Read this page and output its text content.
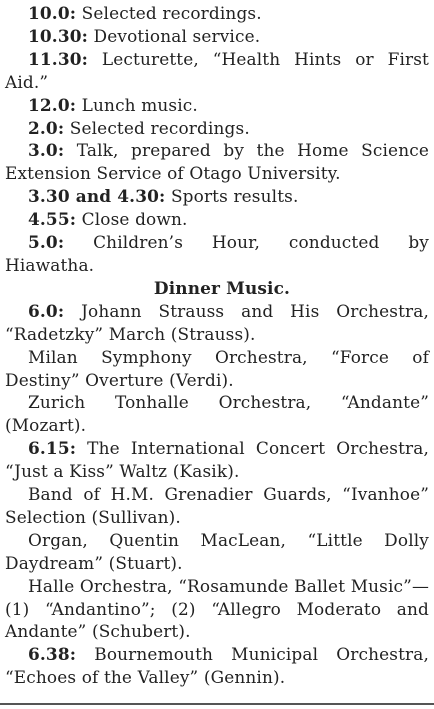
10.0: Selected recordings.

10.30: Devotional service.

11.30: Lecturette, “Health Hints or First Aid.”

12.0: Lunch music.

2.0: Selected recordings.

3.0: Talk, prepared by the Home Science Extension Service of Otago University.

3.30 and 4.30: Sports results.

4.55: Close down.

5.0: Children’s Hour, conducted by Hiawatha.

Dinner Music.

6.0: Johann Strauss and His Orchestra, “Radetzky” March (Strauss).

Milan Symphony Orchestra, “Force of Destiny” Overture (Verdi).

Zurich Tonhalle Orchestra, “Andante” (Mozart).

6.15: The International Concert Orchestra, “Just a Kiss” Waltz (Kasik).

Band of H.M. Grenadier Guards, “Ivanhoe” Selection (Sullivan).

Organ, Quentin MacLean, “Little Dolly Daydream” (Stuart).

Halle Orchestra, “Rosamunde Ballet Music”—(1) “Andantino”; (2) “Allegro Moderato and Andante” (Schubert).

6.38: Bournemouth Municipal Orchestra, “Echoes of the Valley” (Gennin).
